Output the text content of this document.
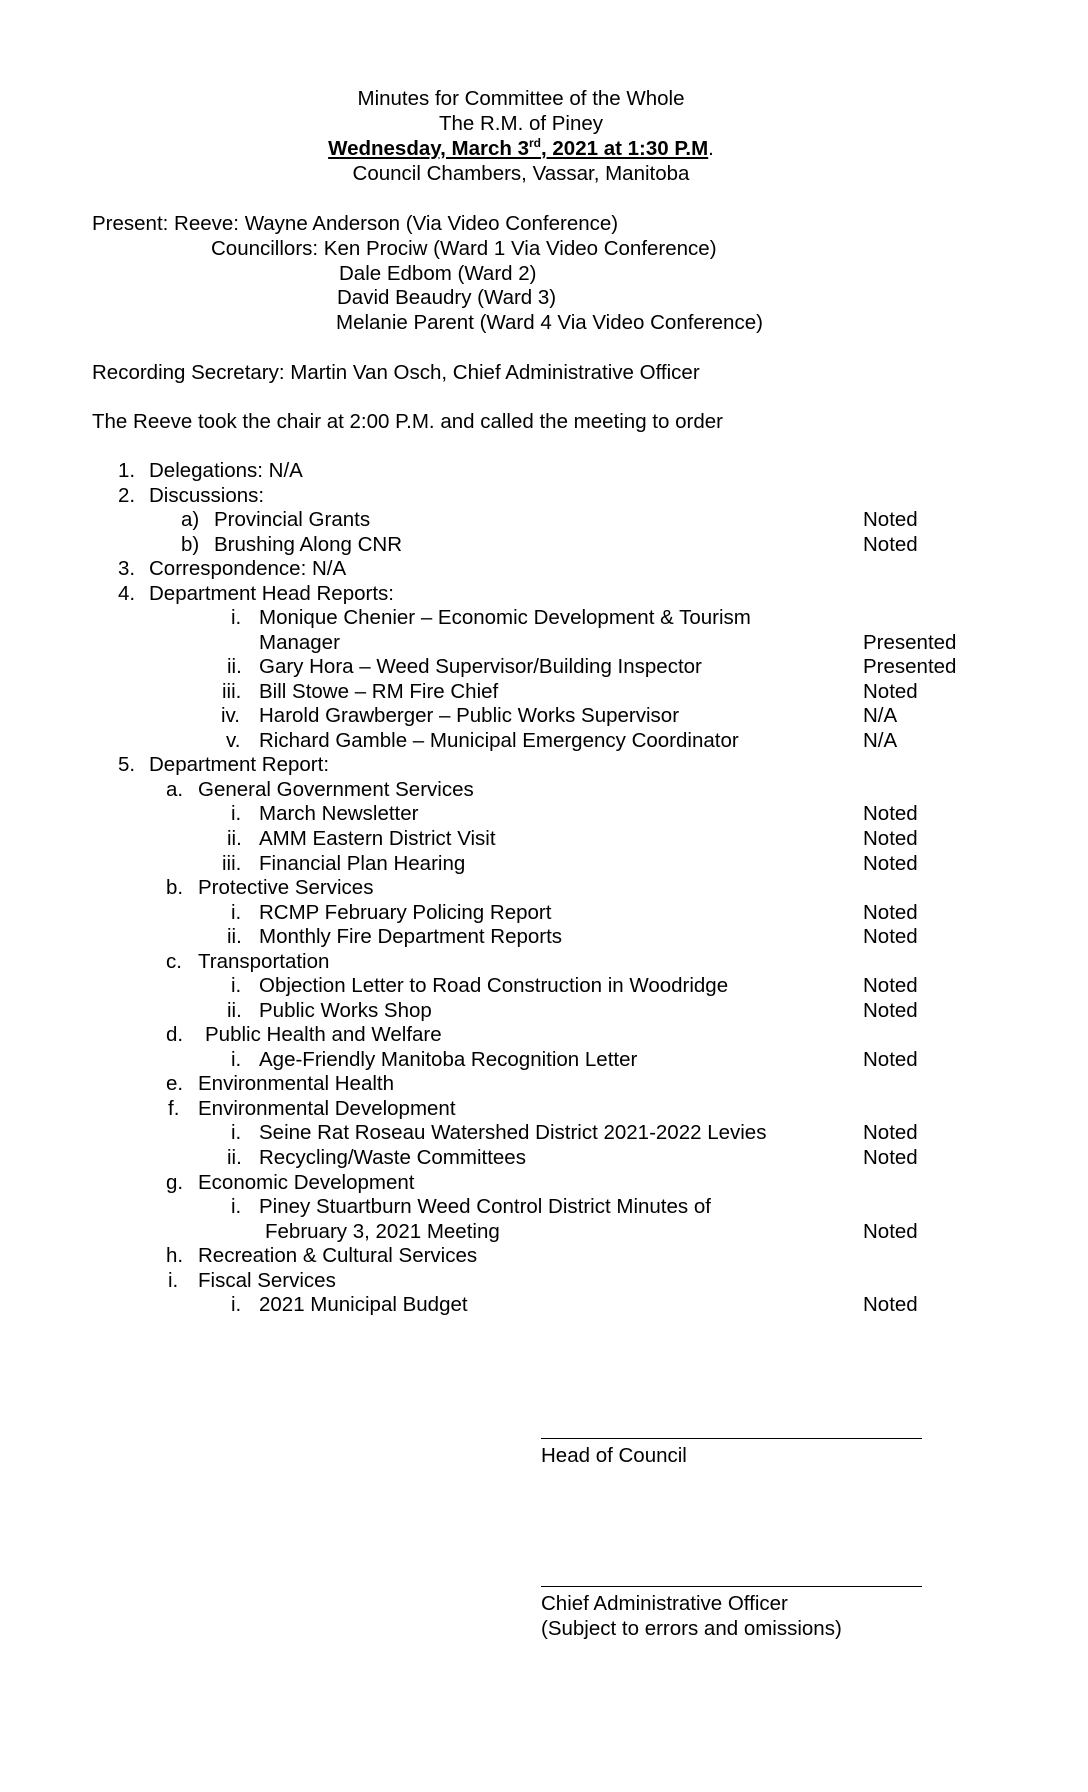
Minutes for Committee of the Whole
The R.M. of Piney
Wednesday, March 3rd, 2021 at 1:30 P.M.
Council Chambers, Vassar, Manitoba
Present: Reeve: Wayne Anderson (Via Video Conference)
Councillors: Ken Prociw (Ward 1 Via Video Conference)
Dale Edbom (Ward 2)
David Beaudry (Ward 3)
Melanie Parent (Ward 4 Via Video Conference)
Recording Secretary: Martin Van Osch, Chief Administrative Officer
The Reeve took the chair at 2:00 P.M. and called the meeting to order
1. Delegations: N/A
2. Discussions:
a) Provincial Grants	Noted
b) Brushing Along CNR	Noted
3. Correspondence: N/A
4. Department Head Reports:
i. Monique Chenier – Economic Development & Tourism
Manager	Presented
ii. Gary Hora – Weed Supervisor/Building Inspector	Presented
iii. Bill Stowe – RM Fire Chief	Noted
iv. Harold Grawberger – Public Works Supervisor	N/A
v. Richard Gamble – Municipal Emergency Coordinator	N/A
5. Department Report:
a. General Government Services
i. March Newsletter	Noted
ii. AMM Eastern District Visit	Noted
iii. Financial Plan Hearing	Noted
b. Protective Services
i. RCMP February Policing Report	Noted
ii. Monthly Fire Department Reports	Noted
c. Transportation
i. Objection Letter to Road Construction in Woodridge	Noted
ii. Public Works Shop	Noted
d. Public Health and Welfare
i. Age-Friendly Manitoba Recognition Letter	Noted
e. Environmental Health
f. Environmental Development
i. Seine Rat Roseau Watershed District 2021-2022 Levies	Noted
ii. Recycling/Waste Committees	Noted
g. Economic Development
i. Piney Stuartburn Weed Control District Minutes of
February 3, 2021 Meeting	Noted
h. Recreation & Cultural Services
i. Fiscal Services
i. 2021 Municipal Budget	Noted
Head of Council
Chief Administrative Officer
(Subject to errors and omissions)
